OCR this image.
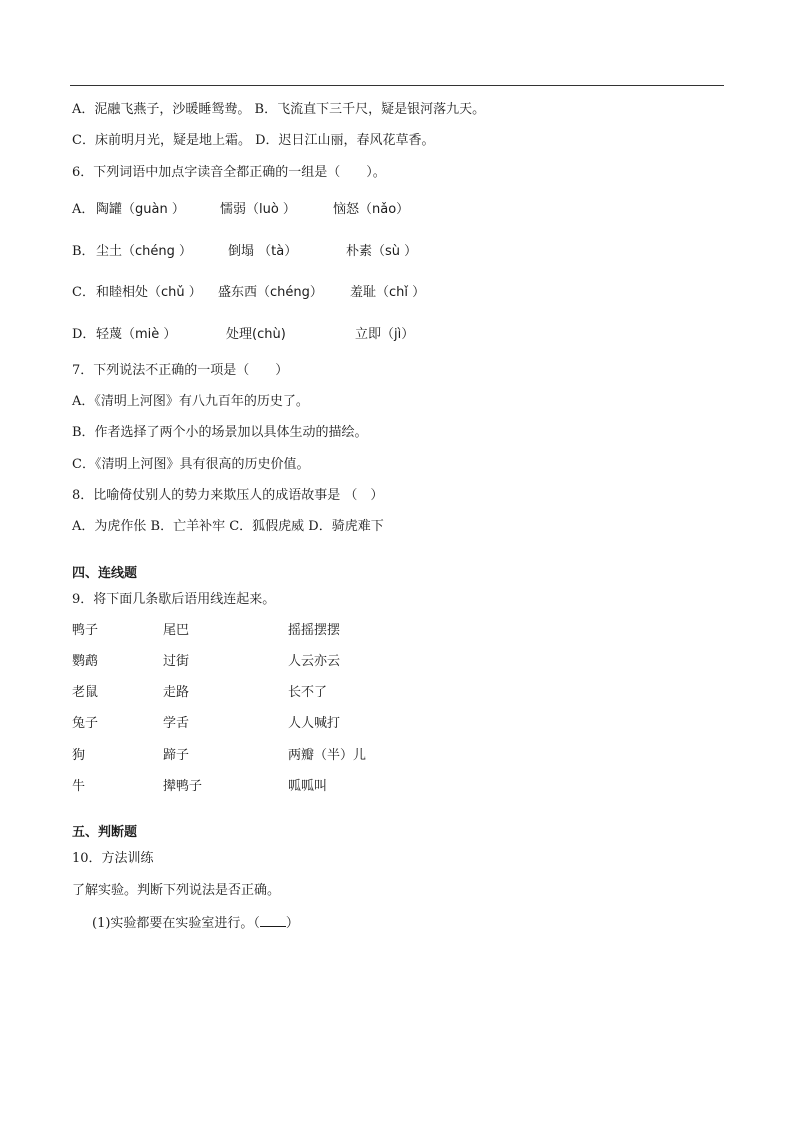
A．泥融飞燕子，沙暖睡鸳鸯。 B．飞流直下三千尺，疑是银河落九天。
C．床前明月光，疑是地上霜。 D．迟日江山丽，春风花草香。
6．下列词语中加点字读音全都正确的一组是（　　）。
A． 陶罐（guàn ）	懦弱（luò ）	恼怒（nǎo）
B． 尘土（chéng ）	倒塌 （tà）	朴素（sù ）
C． 和睦相处（chǔ ） 盛东西（chéng） 羞耻（chǐ ）
D． 轻蔑（miè ）	处理(chù)	立即（jì）
7．下列说法不正确的一项是（　　）
A．《清明上河图》有八九百年的历史了。
B．作者选择了两个小的场景加以具体生动的描绘。
C．《清明上河图》具有很高的历史价值。
8．比喻倚仗别人的势力来欺压人的成语故事是 （　）
A．为虎作伥 B．亡羊补牢 C．狐假虎威 D．骑虎难下
四、连线题
9．将下面几条歇后语用线连起来。
鸭子	尾巴	摇摇摆摆
鹦鹉	过街	人云亦云
老鼠	走路	长不了
兔子	学舌	人人喊打
狗	蹄子	两瓣（半）儿
牛	撵鸭子	呱呱叫
五、判断题
10．方法训练
了解实验。判断下列说法是否正确。
(1)实验都要在实验室进行。（ ）
